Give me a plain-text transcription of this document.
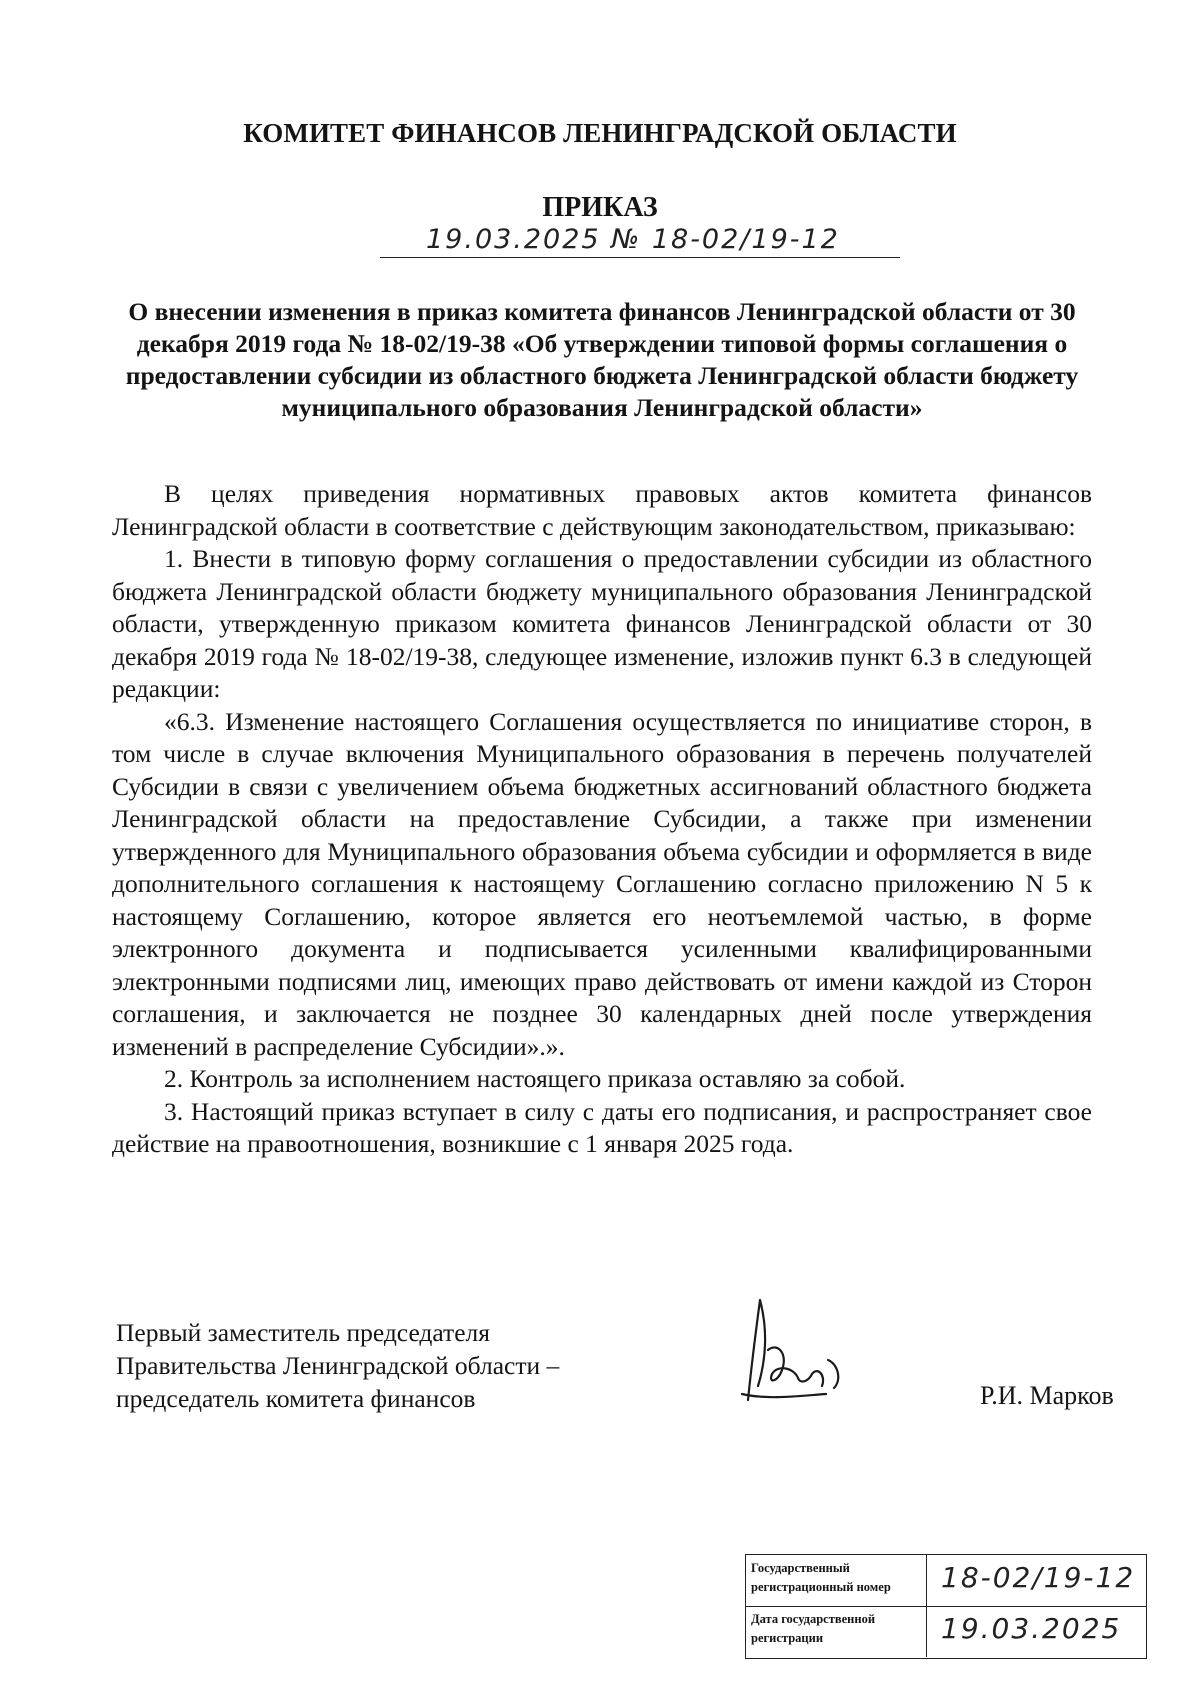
КОМИТЕТ ФИНАНСОВ ЛЕНИНГРАДСКОЙ ОБЛАСТИ
ПРИКАЗ
19.03.2025 № 18-02/19-12
О внесении изменения в приказ комитета финансов Ленинградской области от 30 декабря 2019 года № 18-02/19-38 «Об утверждении типовой формы соглашения о предоставлении субсидии из областного бюджета Ленинградской области бюджету муниципального образования Ленинградской области»

В целях приведения нормативных правовых актов комитета финансов Ленинградской области в соответствие с действующим законодательством, приказываю:

1. Внести в типовую форму соглашения о предоставлении субсидии из областного бюджета Ленинградской области бюджету муниципального образования Ленинградской области, утвержденную приказом комитета финансов Ленинградской области от 30 декабря 2019 года № 18-02/19-38, следующее изменение, изложив пункт 6.3 в следующей редакции:

«6.3. Изменение настоящего Соглашения осуществляется по инициативе сторон, в том числе в случае включения Муниципального образования в перечень получателей Субсидии в связи с увеличением объема бюджетных ассигнований областного бюджета Ленинградской области на предоставление Субсидии, а также при изменении утвержденного для Муниципального образования объема субсидии и оформляется в виде дополнительного соглашения к настоящему Соглашению согласно приложению N 5 к настоящему Соглашению, которое является его неотъемлемой частью, в форме электронного документа и подписывается усиленными квалифицированными электронными подписями лиц, имеющих право действовать от имени каждой из Сторон соглашения, и заключается не позднее 30 календарных дней после утверждения изменений в распределение Субсидии».».

2. Контроль за исполнением настоящего приказа оставляю за собой.

3. Настоящий приказ вступает в силу с даты его подписания, и распространяет свое действие на правоотношения, возникшие с 1 января 2025 года.

Первый заместитель председателя
Правительства Ленинградской области –
председатель комитета финансов	Р.И. Марков
Государственный регистрационный номер	18-02/19-12
Дата государственной регистрации	19.03.2025
